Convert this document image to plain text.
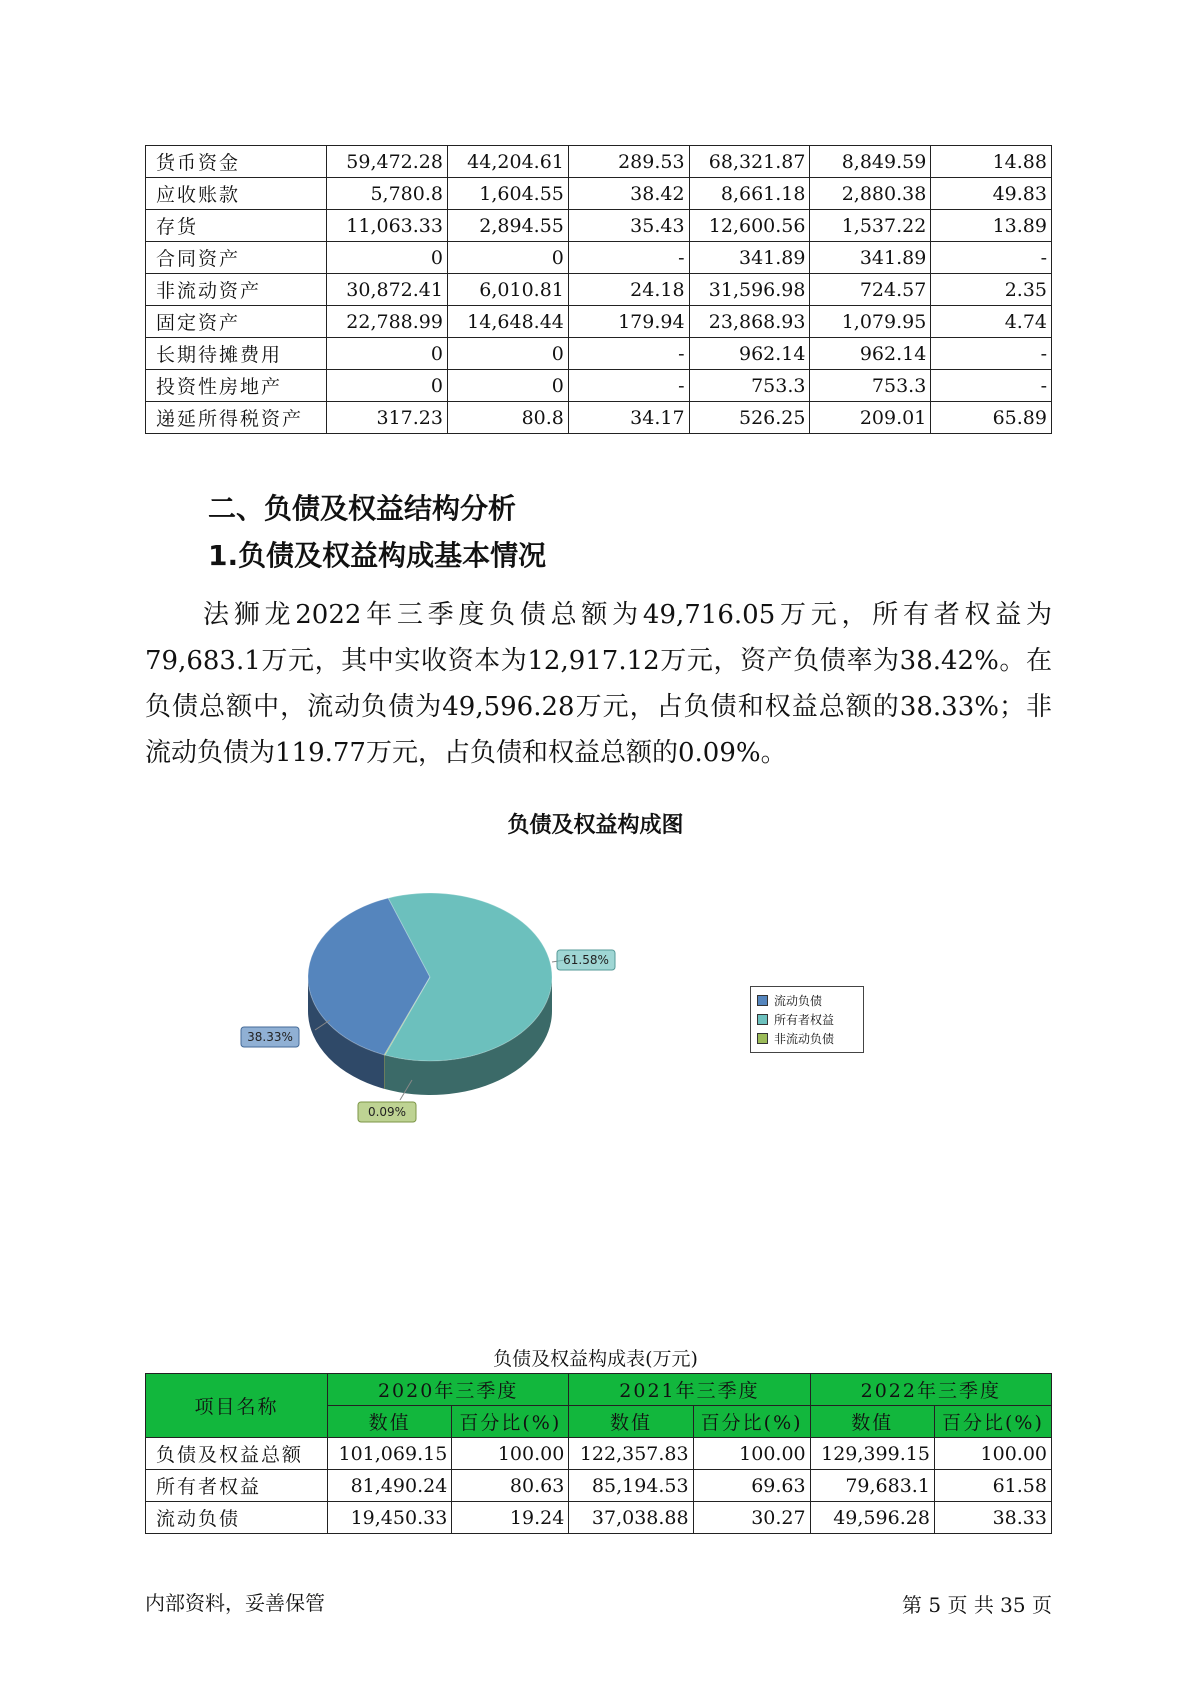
货币资金	59,472.28	44,204.61	289.53	68,321.87	8,849.59	14.88
应收账款	5,780.8	1,604.55	38.42	8,661.18	2,880.38	49.83
存货	11,063.33	2,894.55	35.43	12,600.56	1,537.22	13.89
合同资产	0	0	-	341.89	341.89	-
非流动资产	30,872.41	6,010.81	24.18	31,596.98	724.57	2.35
固定资产	22,788.99	14,648.44	179.94	23,868.93	1,079.95	4.74
长期待摊费用	0	0	-	962.14	962.14	-
投资性房地产	0	0	-	753.3	753.3	-
递延所得税资产	317.23	80.8	34.17	526.25	209.01	65.89
二、负债及权益结构分析
1.负债及权益构成基本情况

法狮龙2022年三季度负债总额为49,716.05万元，所有者权益为79,683.1万元，其中实收资本为12,917.12万元，资产负债率为38.42%。在负债总额中，流动负债为49,596.28万元，占负债和权益总额的38.33%；非流动负债为119.77万元，占负债和权益总额的0.09%。

负债及权益构成图
38.33%
61.58%
0.09%
流动负债
所有者权益
非流动负债
负债及权益构成表(万元)
项目名称	2020年三季度		2021年三季度		2022年三季度	
	数值	百分比(%)	数值	百分比(%)	数值	百分比(%)
负债及权益总额	101,069.15	100.00	122,357.83	100.00	129,399.15	100.00
所有者权益	81,490.24	80.63	85,194.53	69.63	79,683.1	61.58
流动负债	19,450.33	19.24	37,038.88	30.27	49,596.28	38.33
内部资料，妥善保管	第 5 页 共 35 页
